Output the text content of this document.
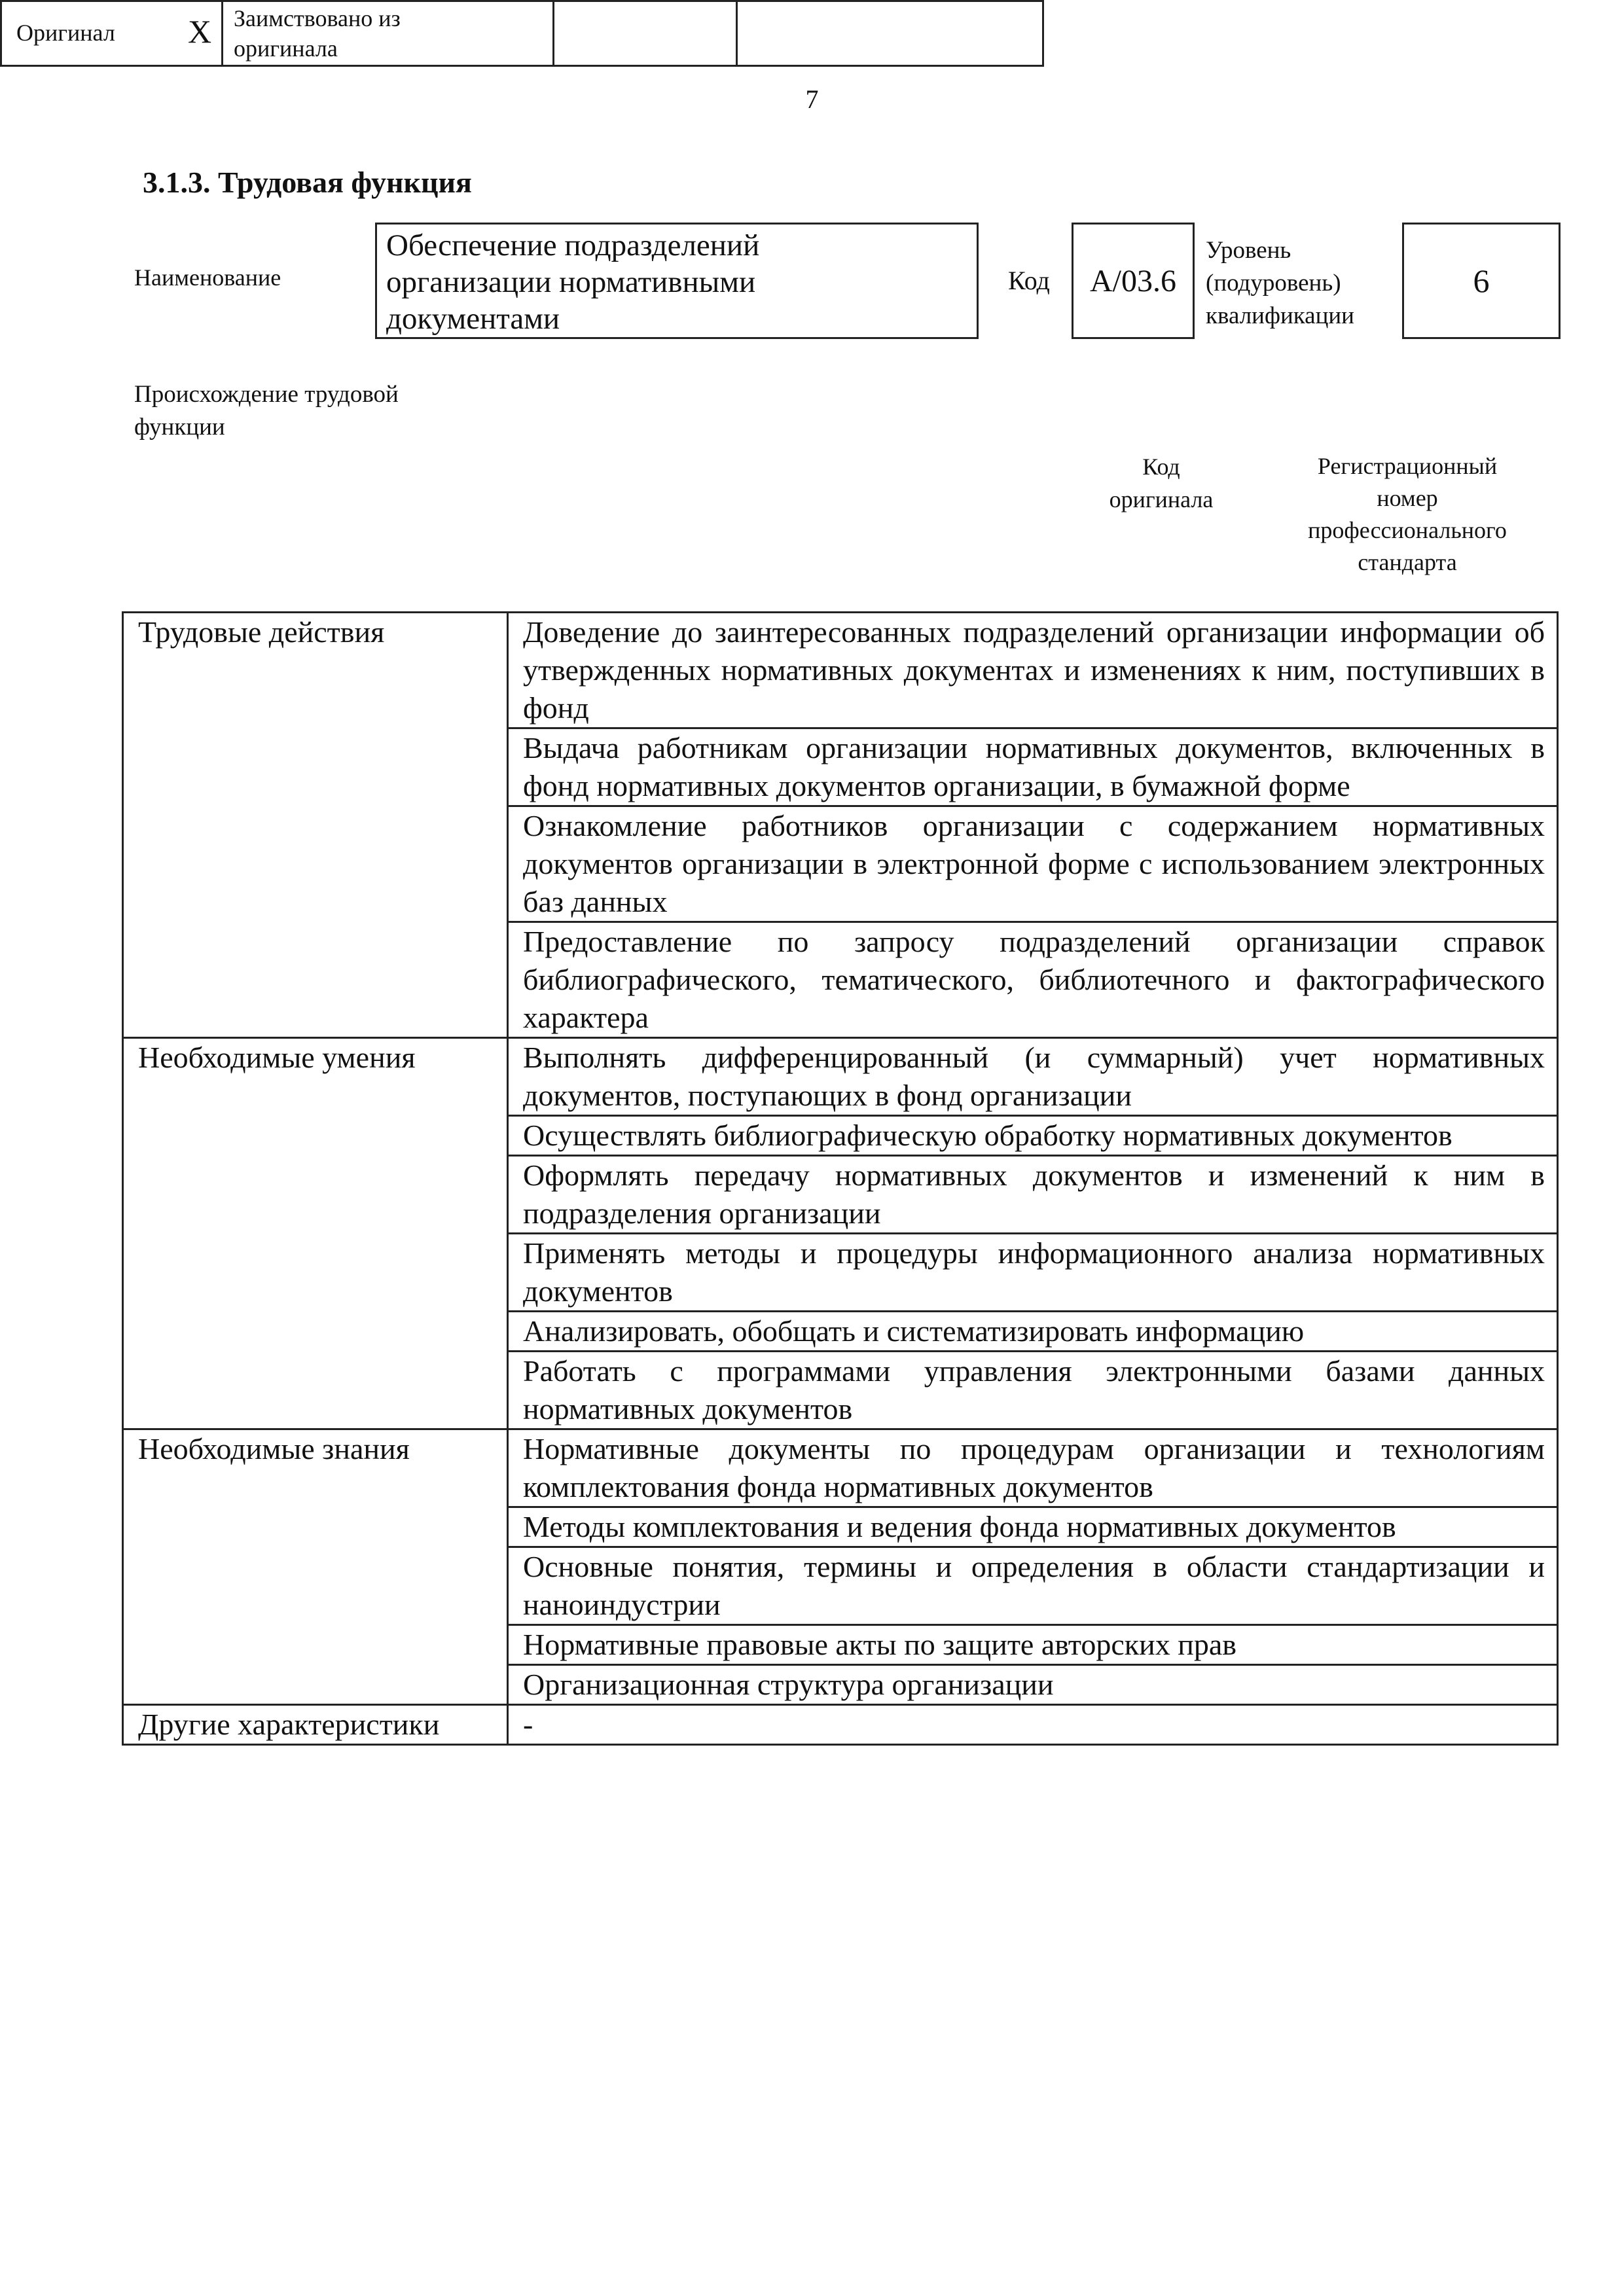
7
3.1.3. Трудовая функция
Наименование
Обеспечение подразделений
организации нормативными
документами
Код A/03.6
Уровень
(подуровень)
квалификации
6
Происхождение трудовой
функции
Оригинал X Заимствовано из
оригинала
Код
оригинала
Регистрационный
номер
профессионального
стандарта
Трудовые действия	Доведение до заинтересованных подразделений организации информации об утвержденных нормативных документах и изменениях к ним, поступивших в фонд
	Выдача работникам организации нормативных документов, включенных в фонд нормативных документов организации, в бумажной форме
	Ознакомление работников организации с содержанием нормативных документов организации в электронной форме с использованием электронных баз данных
	Предоставление по запросу подразделений организации справок библиографического, тематического, библиотечного и фактографического характера
Необходимые умения	Выполнять дифференцированный (и суммарный) учет нормативных документов, поступающих в фонд организации
	Осуществлять библиографическую обработку нормативных документов
	Оформлять передачу нормативных документов и изменений к ним в подразделения организации
	Применять методы и процедуры информационного анализа нормативных документов
	Анализировать, обобщать и систематизировать информацию
	Работать с программами управления электронными базами данных нормативных документов
Необходимые знания	Нормативные документы по процедурам организации и технологиям комплектования фонда нормативных документов
	Методы комплектования и ведения фонда нормативных документов
	Основные понятия, термины и определения в области стандартизации и наноиндустрии
	Нормативные правовые акты по защите авторских прав
	Организационная структура организации
Другие характеристики	-
